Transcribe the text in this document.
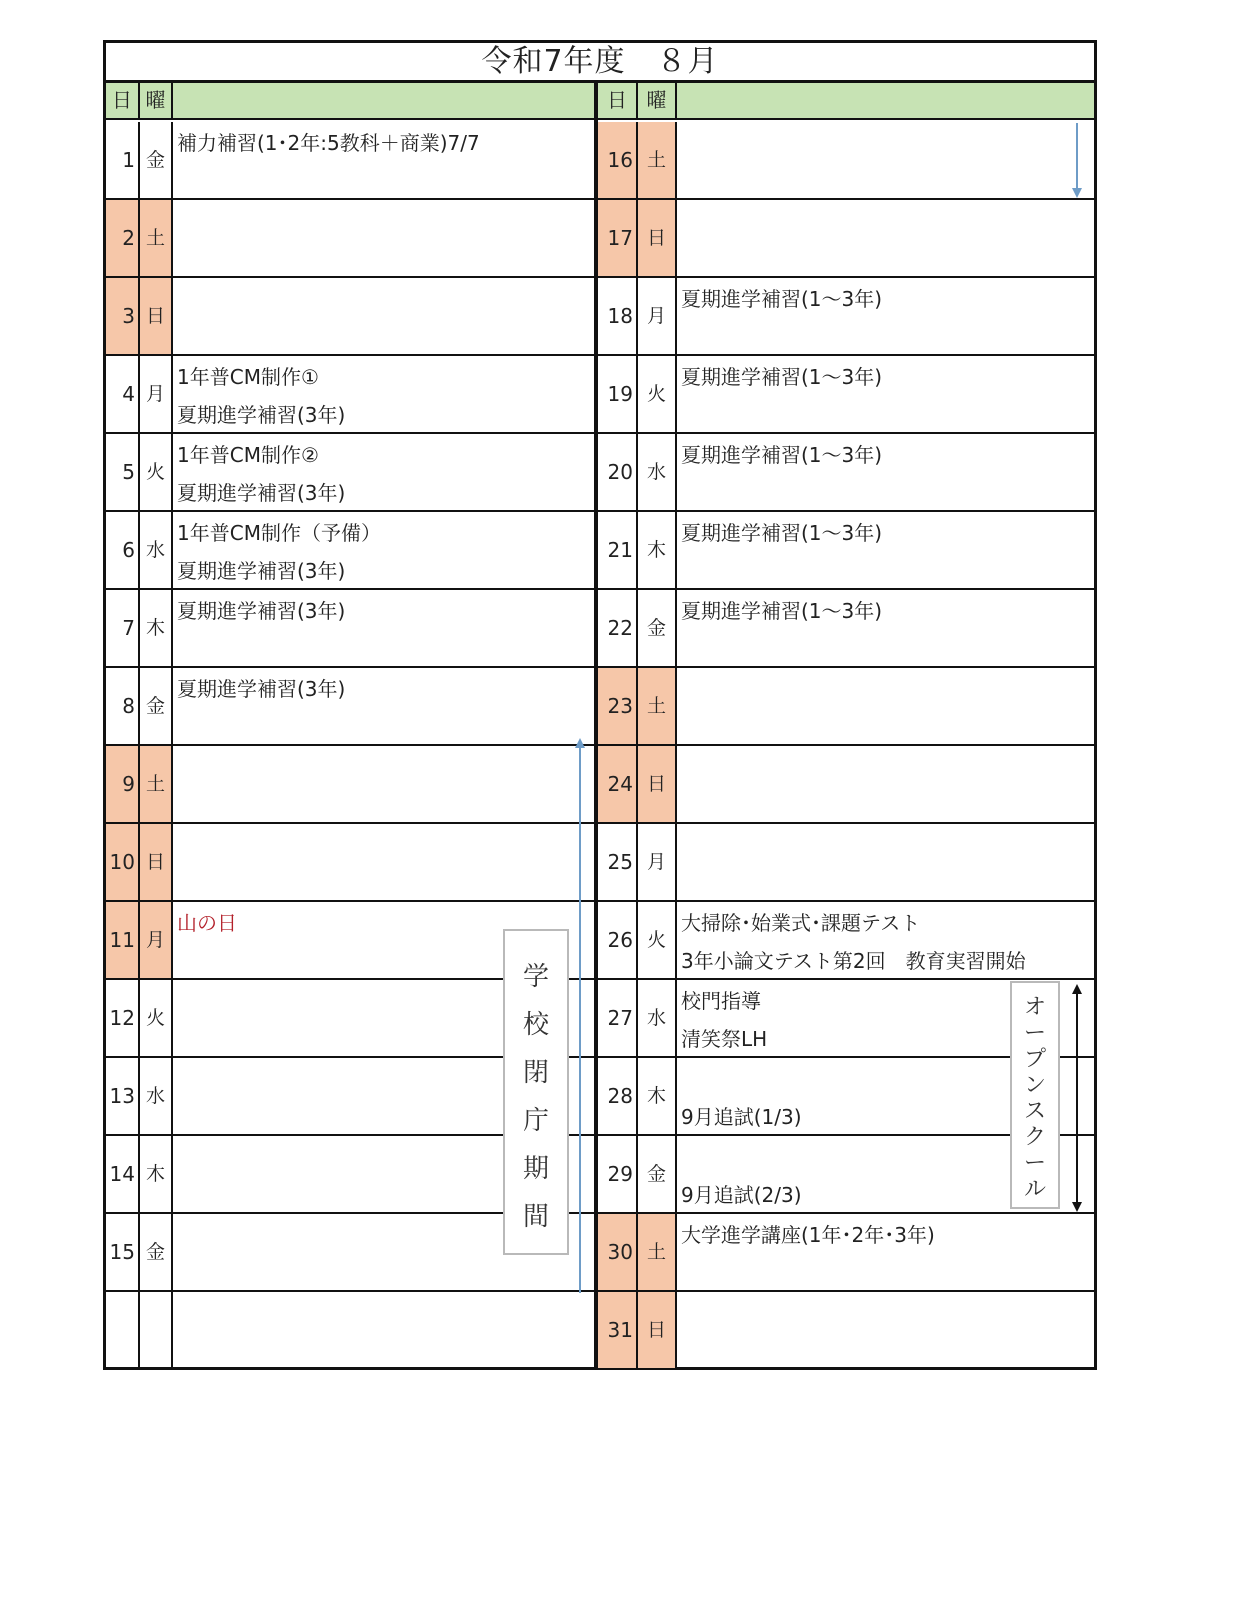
令和7年度　８月
日 曜	日 曜
1 金
補力補習(1･2年:5教科＋商業)7/7
2 土
3 日
4 月
1年普CM制作①
夏期進学補習(3年)
5 火
1年普CM制作②
夏期進学補習(3年)
6 水
1年普CM制作（予備）
夏期進学補習(3年)
7 木
夏期進学補習(3年)
8 金
夏期進学補習(3年)
9 土
10 日
11 月
山の日
12 火
13 水
14 木
15 金
16 土
17 日
18 月
夏期進学補習(1～3年)
19 火
夏期進学補習(1～3年)
20 水
夏期進学補習(1～3年)
21 木
夏期進学補習(1～3年)
22 金
夏期進学補習(1～3年)
23 土
24 日
25 月
26 火
大掃除･始業式･課題テスト
3年小論文テスト第2回　教育実習開始
27 水
校門指導
清笑祭LH
28 木
9月追試(1/3)
29 金
9月追試(2/3)
30 土
大学進学講座(1年･2年･3年)
31 日
学
校
閉
庁
期
間
オ
ー
プ
ン
ス
ク
ー
ル
